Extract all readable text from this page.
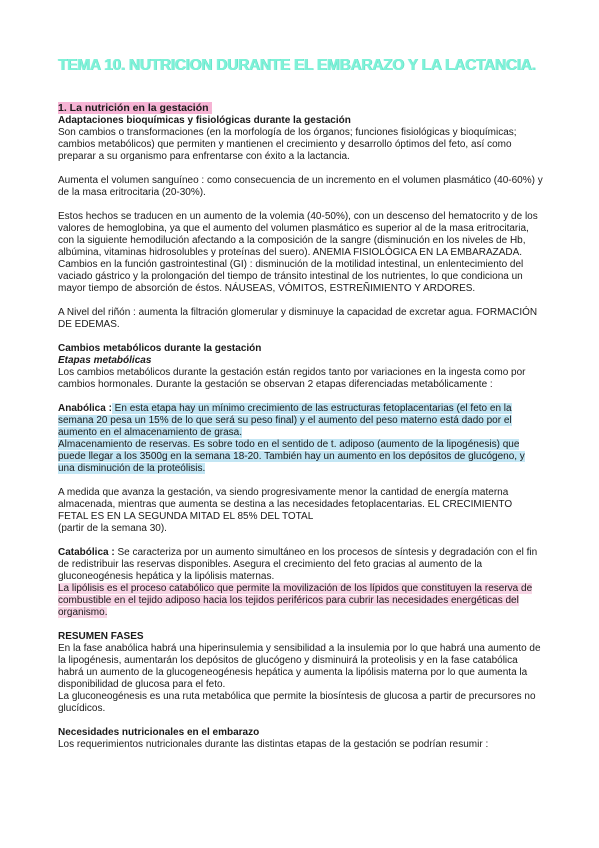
TEMA 10. NUTRICION DURANTE EL EMBARAZO Y LA LACTANCIA.

1. La nutrición en la gestación

Adaptaciones bioquímicas y fisiológicas durante la gestación

Son cambios o transformaciones (en la morfología de los órganos; funciones fisiológicas y bioquímicas; cambios metabólicos) que permiten y mantienen el crecimiento y desarrollo óptimos del feto, así como preparar a su organismo para enfrentarse con éxito a la lactancia.

Aumenta el volumen sanguíneo : como consecuencia de un incremento en el volumen plasmático (40-60%) y de la masa eritrocitaria (20-30%).

Estos hechos se traducen en un aumento de la volemia (40-50%), con un descenso del hematocrito y de los valores de hemoglobina, ya que el aumento del volumen plasmático es superior al de la masa eritrocitaria, con la siguiente hemodilución afectando a la composición de la sangre (disminución en los niveles de Hb, albúmina, vitaminas hidrosolubles y proteínas del suero). ANEMIA FISIOLÓGICA EN LA EMBARAZADA. Cambios en la función gastrointestinal (GI) : disminución de la motilidad intestinal, un enlentecimiento del vaciado gástrico y la prolongación del tiempo de tránsito intestinal de los nutrientes, lo que condiciona un mayor tiempo de absorción de éstos. NÁUSEAS, VÓMITOS, ESTREÑIMIENTO Y ARDORES.

A Nivel del riñón : aumenta la filtración glomerular y disminuye la capacidad de excretar agua. FORMACIÓN DE EDEMAS.

Cambios metabólicos durante la gestación

Etapas metabólicas

Los cambios metabólicos durante la gestación están regidos tanto por variaciones en la ingesta como por cambios hormonales. Durante la gestación se observan 2 etapas diferenciadas metabólicamente :

Anabólica : En esta etapa hay un mínimo crecimiento de las estructuras fetoplacentarias (el feto en la semana 20 pesa un 15% de lo que será su peso final) y el aumento del peso materno está dado por el aumento en el almacenamiento de grasa.

Almacenamiento de reservas. Es sobre todo en el sentido de t. adiposo (aumento de la lipogénesis) que puede llegar a los 3500g en la semana 18-20. También hay un aumento en los depósitos de glucógeno, y una disminución de la proteólisis.

A medida que avanza la gestación, va siendo progresivamente menor la cantidad de energía materna almacenada, mientras que aumenta se destina a las necesidades fetoplacentarias. EL CRECIMIENTO FETAL ES EN LA SEGUNDA MITAD EL 85% DEL TOTAL

(partir de la semana 30).

Catabólica : Se caracteriza por un aumento simultáneo en los procesos de síntesis y degradación con el fin de redistribuir las reservas disponibles. Asegura el crecimiento del feto gracias al aumento de la gluconeogénesis hepática y la lipólisis maternas.

La lipólisis es el proceso catabólico que permite la movilización de los lípidos que constituyen la reserva de combustible en el tejido adiposo hacia los tejidos periféricos para cubrir las necesidades energéticas del organismo.

RESUMEN FASES

En la fase anabólica habrá una hiperinsulemia y sensibilidad a la insulemia por lo que habrá una aumento de la lipogénesis, aumentarán los depósitos de glucógeno y disminuirá la proteolisis y en la fase catabólica habrá un aumento de la glucogeneogénesis hepática y aumenta la lipólisis materna por lo que aumenta la disponibilidad de glucosa para el feto.

La gluconeogénesis es una ruta metabólica que permite la biosíntesis de glucosa a partir de precursores no glucídicos.

Necesidades nutricionales en el embarazo

Los requerimientos nutricionales durante las distintas etapas de la gestación se podrían resumir :
